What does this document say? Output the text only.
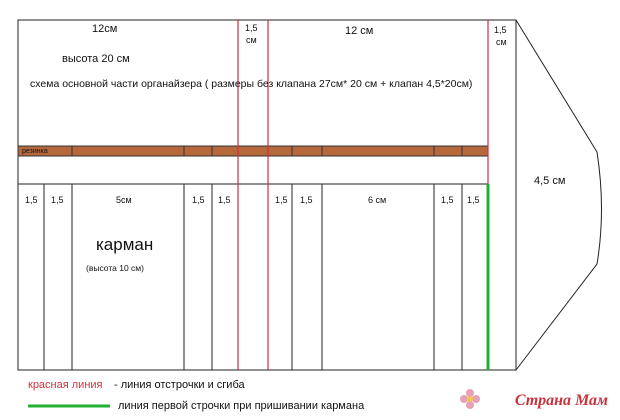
12см	1,5
см
12 см	1,5
см
высота 20 см
схема основной части органайзера ( размеры без клапана 27см* 20 см + клапан 4,5*20см)
резинка
4,5 см
1,5 1,5	5см	1,5 1,5	1,5 1,5	6 см	1,5 1,5
карман
(высота 10 см)
красная линия - линия отстрочки и сгиба
линия первой строчки при пришивании кармана	Страна Мам
